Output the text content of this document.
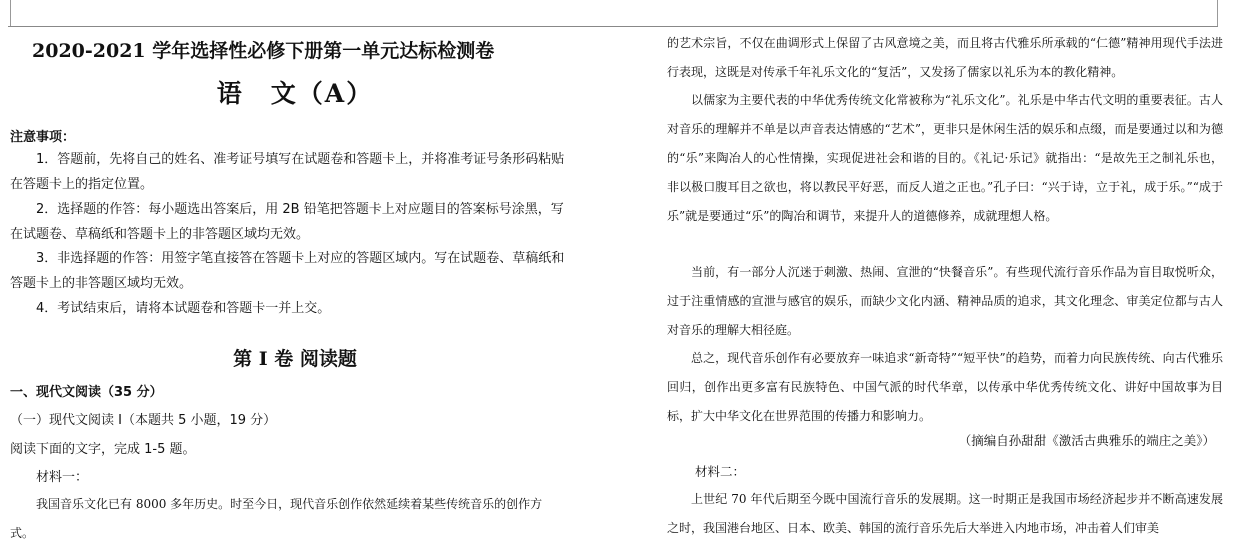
2020-2021 学年选择性必修下册第一单元达标检测卷
语　文（A）
注意事项：
1．答题前，先将自己的姓名、准考证号填写在试题卷和答题卡上，并将准考证号条形码粘贴在答题卡上的指定位置。
2．选择题的作答：每小题选出答案后，用 2B 铅笔把答题卡上对应题目的答案标号涂黑，写在试题卷、草稿纸和答题卡上的非答题区域均无效。
3．非选择题的作答：用签字笔直接答在答题卡上对应的答题区域内。写在试题卷、草稿纸和答题卡上的非答题区域均无效。
4．考试结束后，请将本试题卷和答题卡一并上交。
第 I 卷 阅读题
一、现代文阅读（35 分）
（一）现代文阅读 I（本题共 5 小题，19 分）
阅读下面的文字，完成 1-5 题。
材料一：
我国音乐文化已有 8000 多年历史。时至今日，现代音乐创作依然延续着某些传统音乐的创作方
式。
的艺术宗旨，不仅在曲调形式上保留了古风意境之美，而且将古代雅乐所承载的“仁德”精神用现代手法进行表现，这既是对传承千年礼乐文化的“复活”，又发扬了儒家以礼乐为本的教化精神。
以儒家为主要代表的中华优秀传统文化常被称为“礼乐文化”。礼乐是中华古代文明的重要表征。古人对音乐的理解并不单是以声音表达情感的“艺术”，更非只是休闲生活的娱乐和点缀，而是要通过以和为德的“乐”来陶冶人的心性情操，实现促进社会和谐的目的。《礼记·乐记》就指出：“是故先王之制礼乐也，非以极口腹耳目之欲也，将以教民平好恶，而反人道之正也。”孔子曰：“兴于诗，立于礼，成于乐。”“成于乐”就是要通过“乐”的陶冶和调节，来提升人的道德修养，成就理想人格。
当前，有一部分人沉迷于刺激、热闹、宣泄的“快餐音乐”。有些现代流行音乐作品为盲目取悦听众，过于注重情感的宣泄与感官的娱乐，而缺少文化内涵、精神品质的追求，其文化理念、审美定位都与古人对音乐的理解大相径庭。
总之，现代音乐创作有必要放弃一味追求“新奇特”“短平快”的趋势，而着力向民族传统、向古代雅乐回归，创作出更多富有民族特色、中国气派的时代华章，以传承中华优秀传统文化、讲好中国故事为目标，扩大中华文化在世界范围的传播力和影响力。
（摘编自孙甜甜《激活古典雅乐的端庄之美》）
材料二：
上世纪 70 年代后期至今既中国流行音乐的发展期。这一时期正是我国市场经济起步并不断高速发展之时，我国港台地区、日本、欧美、韩国的流行音乐先后大举进入内地市场，冲击着人们审美
